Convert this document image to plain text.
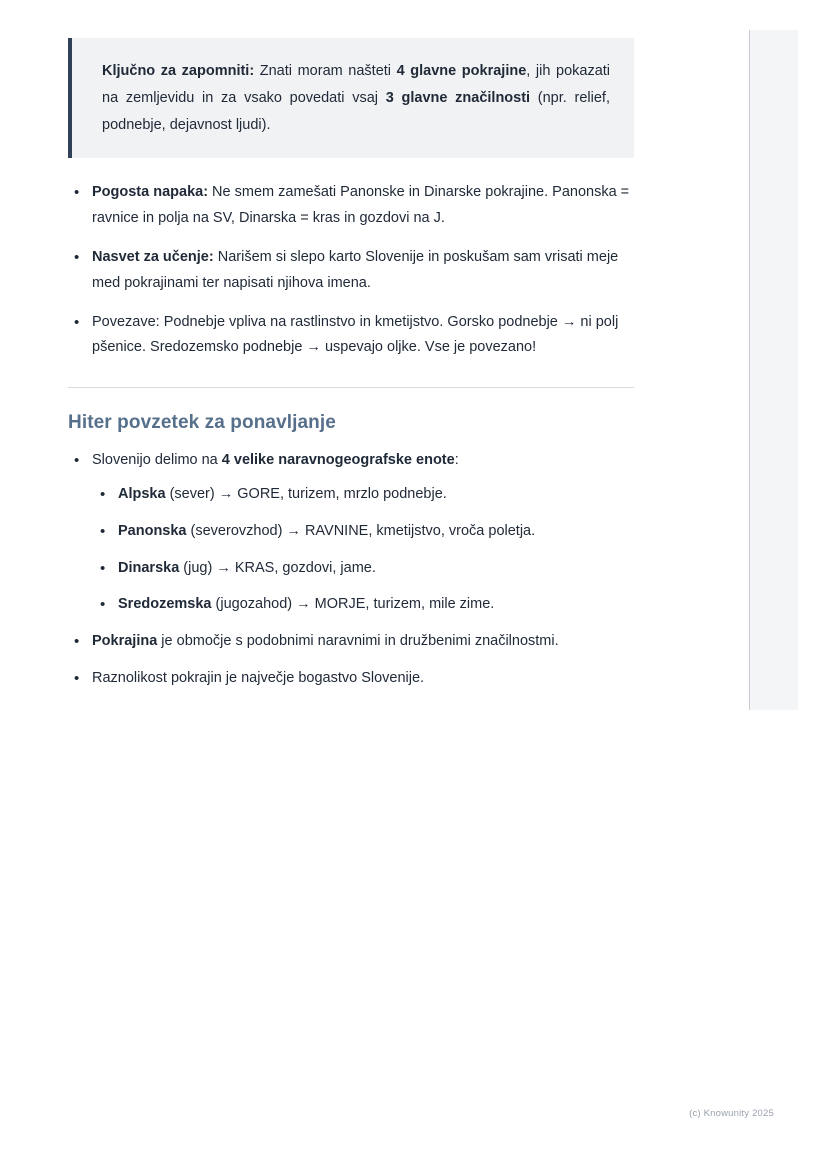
Ključno za zapomniti: Znati moram našteti 4 glavne pokrajine, jih pokazati na zemljevidu in za vsako povedati vsaj 3 glavne značilnosti (npr. relief, podnebje, dejavnost ljudi).

• Pogosta napaka: Ne smem zamešati Panonske in Dinarske pokrajine. Panonska = ravnice in polja na SV, Dinarska = kras in gozdovi na J.
• Nasvet za učenje: Narišem si slepo karto Slovenije in poskušam sam vrisati meje med pokrajinami ter napisati njihova imena.
• Povezave: Podnebje vpliva na rastlinstvo in kmetijstvo. Gorsko podnebje → ni polj pšenice. Sredozemsko podnebje → uspevajo oljke. Vse je povezano!
Hiter povzetek za ponavljanje
• Slovenijo delimo na 4 velike naravnogeografske enote:
• Alpska (sever) → GORE, turizem, mrzlo podnebje.
• Panonska (severovzhod) → RAVNINE, kmetijstvo, vroča poletja.
• Dinarska (jug) → KRAS, gozdovi, jame.
• Sredozemska (jugozahod) → MORJE, turizem, mile zime.
• Pokrajina je območje s podobnimi naravnimi in družbenimi značilnostmi.
• Raznolikost pokrajin je največje bogastvo Slovenije.
(c) Knowunity 2025
